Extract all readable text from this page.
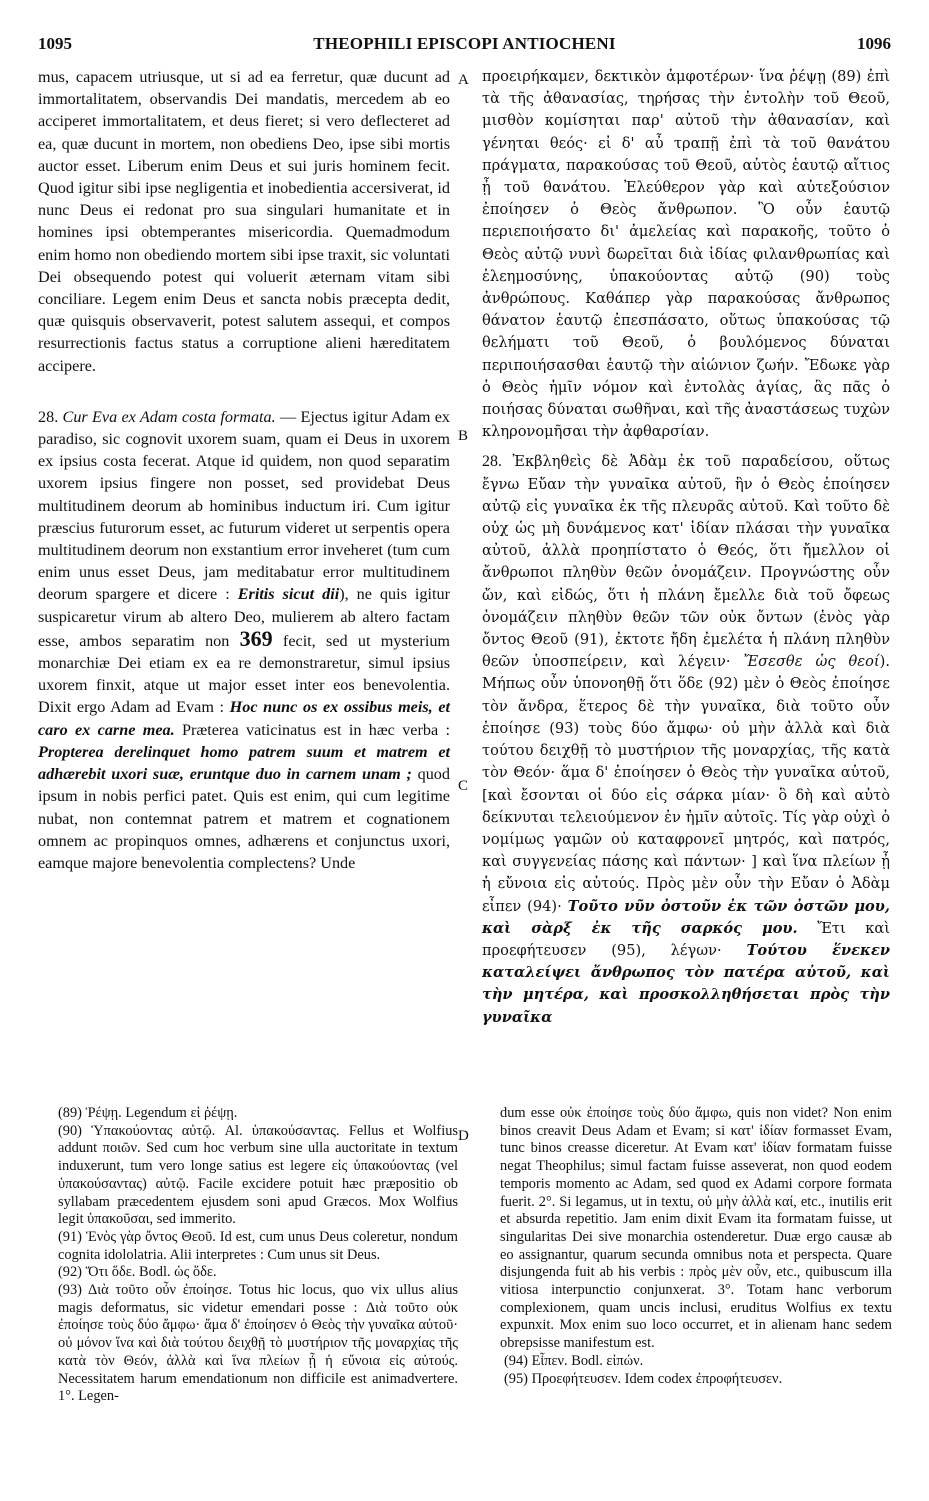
1095	THEOPHILI EPISCOPI ANTIOCHENI	1096
A
B
C
D

mus, capacem utriusque, ut si ad ea ferretur, quæ ducunt ad immortalitatem, observandis Dei mandatis, mercedem ab eo acciperet immortalitatem, et deus fieret; si vero deflecteret ad ea, quæ ducunt in mortem, non obediens Deo, ipse sibi mortis auctor esset. Liberum enim Deus et sui juris hominem fecit. Quod igitur sibi ipse negligentia et inobedientia accersiverat, id nunc Deus ei redonat pro sua singulari humanitate et in homines ipsi obtemperantes misericordia. Quemadmodum enim homo non obediendo mortem sibi ipse traxit, sic voluntati Dei obsequendo potest qui voluerit æternam vitam sibi conciliare. Legem enim Deus et sancta nobis præcepta dedit, quæ quisquis observaverit, potest salutem assequi, et compos resurrectionis factus status a corruptione alieni hæreditatem accipere.

28. Cur Eva ex Adam costa formata. — Ejectus igitur Adam ex paradiso, sic cognovit uxorem suam, quam ei Deus in uxorem ex ipsius costa fecerat. Atque id quidem, non quod separatim uxorem ipsius fingere non posset, sed providebat Deus multitudinem deorum ab hominibus inductum iri. Cum igitur præscius futurorum esset, ac futurum videret ut serpentis opera multitudinem deorum non exstantium error inveheret (tum cum enim unus esset Deus, jam meditabatur error multitudinem deorum spargere et dicere : Eritis sicut dii), ne quis igitur suspicaretur virum ab altero Deo, mulierem ab altero factam esse, ambos separatim non 369 fecit, sed ut mysterium monarchiæ Dei etiam ex ea re demonstraretur, simul ipsius uxorem finxit, atque ut major esset inter eos benevolentia. Dixit ergo Adam ad Evam : Hoc nunc os ex ossibus meis, et caro ex carne mea. Præterea vaticinatus est in hæc verba : Propterea derelinquet homo patrem suum et matrem et adhærebit uxori suæ, eruntque duo in carnem unam ; quod ipsum in nobis perfici patet. Quis est enim, qui cum legitime nubat, non contemnat patrem et matrem et cognationem omnem ac propinquos omnes, adhærens et conjunctus uxori, eamque majore benevolentia complectens? Unde

προειρήκαμεν, δεκτικὸν ἀμφοτέρων· ἵνα ῥέψῃ (89) ἐπὶ τὰ τῆς ἀθανασίας, τηρήσας τὴν ἐντολὴν τοῦ Θεοῦ, μισθὸν κομίσηται παρ' αὐτοῦ τὴν ἀθανασίαν, καὶ γένηται θεός· εἰ δ' αὖ τραπῇ ἐπὶ τὰ τοῦ θανάτου πράγματα, παρακούσας τοῦ Θεοῦ, αὐτὸς ἑαυτῷ αἴτιος ᾖ τοῦ θανάτου. Ἐλεύθερον γὰρ καὶ αὐτεξούσιον ἐποίησεν ὁ Θεὸς ἄνθρωπον. Ὃ οὖν ἑαυτῷ περιεποιήσατο δι' ἀμελείας καὶ παρακοῆς, τοῦτο ὁ Θεὸς αὐτῷ νυνὶ δωρεῖται διὰ ἰδίας φιλανθρωπίας καὶ ἐλεημοσύνης, ὑπακούοντας αὐτῷ (90) τοὺς ἀνθρώπους. Καθάπερ γὰρ παρακούσας ἄνθρωπος θάνατον ἑαυτῷ ἐπεσπάσατο, οὕτως ὑπακούσας τῷ θελήματι τοῦ Θεοῦ, ὁ βουλόμενος δύναται περιποιήσασθαι ἑαυτῷ τὴν αἰώνιον ζωήν. Ἔδωκε γὰρ ὁ Θεὸς ἡμῖν νόμον καὶ ἐντολὰς ἁγίας, ἃς πᾶς ὁ ποιήσας δύναται σωθῆναι, καὶ τῆς ἀναστάσεως τυχὼν κληρονομῆσαι τὴν ἀφθαρσίαν.

28. Ἐκβληθεὶς δὲ Ἀδὰμ ἐκ τοῦ παραδείσου, οὕτως ἔγνω Εὔαν τὴν γυναῖκα αὐτοῦ, ἣν ὁ Θεὸς ἐποίησεν αὐτῷ εἰς γυναῖκα ἐκ τῆς πλευρᾶς αὐτοῦ. Καὶ τοῦτο δὲ οὐχ ὡς μὴ δυνάμενος κατ' ἰδίαν πλάσαι τὴν γυναῖκα αὐτοῦ, ἀλλὰ προηπίστατο ὁ Θεός, ὅτι ἤμελλον οἱ ἄνθρωποι πληθὺν θεῶν ὀνομάζειν. Προγνώστης οὖν ὤν, καὶ εἰδώς, ὅτι ἡ πλάνη ἔμελλε διὰ τοῦ ὄφεως ὀνομάζειν πληθὺν θεῶν τῶν οὐκ ὄντων (ἑνὸς γὰρ ὄντος Θεοῦ (91), ἐκτοτε ἤδη ἐμελέτα ἡ πλάνη πληθὺν θεῶν ὑποσπείρειν, καὶ λέγειν· Ἔσεσθε ὡς θεοί). Μήπως οὖν ὑπονοηθῇ ὅτι ὅδε (92) μὲν ὁ Θεὸς ἐποίησε τὸν ἄνδρα, ἕτερος δὲ τὴν γυναῖκα, διὰ τοῦτο οὖν ἐποίησε (93) τοὺς δύο ἄμφω· οὐ μὴν ἀλλὰ καὶ διὰ τούτου δειχθῇ τὸ μυστήριον τῆς μοναρχίας, τῆς κατὰ τὸν Θεόν· ἅμα δ' ἐποίησεν ὁ Θεὸς τὴν γυναῖκα αὐτοῦ, [καὶ ἔσονται οἱ δύο εἰς σάρκα μίαν· ὃ δὴ καὶ αὐτὸ δείκνυται τελειούμενον ἐν ἡμῖν αὐτοῖς. Τίς γὰρ οὐχὶ ὁ νομίμως γαμῶν οὐ καταφρονεῖ μητρός, καὶ πατρός, καὶ συγγενείας πάσης καὶ πάντων· ] καὶ ἵνα πλείων ᾖ ἡ εὔνοια εἰς αὐτούς. Πρὸς μὲν οὖν τὴν Εὔαν ὁ Ἀδὰμ εἶπεν (94)· Τοῦτο νῦν ὀστοῦν ἐκ τῶν ὀστῶν μου, καὶ σὰρξ ἐκ τῆς σαρκός μου. Ἔτι καὶ προεφήτευσεν (95), λέγων· Τούτου ἕνεκεν καταλείψει ἄνθρωπος τὸν πατέρα αὐτοῦ, καὶ τὴν μητέρα, καὶ προσκολληθήσεται πρὸς τὴν γυναῖκα

(89) Ῥέψῃ. Legendum εἰ ῥέψῃ.

(90) Ὑπακούοντας αὐτῷ. Al. ὑπακούσαντας. Fellus et Wolfius addunt ποιῶν. Sed cum hoc verbum sine ulla auctoritate in textum induxerunt, tum vero longe satius est legere εἰς ὑπακούοντας (vel ὑπακούσαντας) αὐτῷ. Facile excidere potuit hæc præpositio ob syllabam præcedentem ejusdem soni apud Græcos. Mox Wolfius legit ὑπακοῦσαι, sed immerito.

(91) Ἑνὸς γὰρ ὄντος Θεοῦ. Id est, cum unus Deus coleretur, nondum cognita idololatria. Alii interpretes : Cum unus sit Deus.

(92) Ὅτι ὅδε. Bodl. ὡς ὅδε.

(93) Διὰ τοῦτο οὖν ἐποίησε. Totus hic locus, quo vix ullus alius magis deformatus, sic videtur emendari posse : Διὰ τοῦτο οὐκ ἐποίησε τοὺς δύο ἄμφω· ἅμα δ' ἐποίησεν ὁ Θεὸς τὴν γυναῖκα αὐτοῦ· οὐ μόνον ἵνα καὶ διὰ τούτου δειχθῇ τὸ μυστήριον τῆς μοναρχίας τῆς κατὰ τὸν Θεόν, ἀλλὰ καὶ ἵνα πλείων ᾖ ἡ εὔνοια εἰς αὐτούς. Necessitatem harum emendationum non difficile est animadvertere. 1°. Legen-

dum esse οὐκ ἐποίησε τοὺς δύο ἄμφω, quis non videt? Non enim binos creavit Deus Adam et Evam; si κατ' ἰδίαν formasset Evam, tunc binos creasse diceretur. At Evam κατ' ἰδίαν formatam fuisse negat Theophilus; simul factam fuisse asseverat, non quod eodem temporis momento ac Adam, sed quod ex Adami corpore formata fuerit. 2°. Si legamus, ut in textu, οὐ μὴν ἀλλὰ καί, etc., inutilis erit et absurda repetitio. Jam enim dixit Evam ita formatam fuisse, ut singularitas Dei sive monarchia ostenderetur. Duæ ergo causæ ab eo assignantur, quarum secunda omnibus nota et perspecta. Quare disjungenda fuit ab his verbis : πρὸς μὲν οὖν, etc., quibuscum illa vitiosa interpunctio conjunxerat. 3°. Totam hanc verborum complexionem, quam uncis inclusi, eruditus Wolfius ex textu expunxit. Mox enim suo loco occurret, et in alienam hanc sedem obrepsisse manifestum est.

(94) Εἶπεν. Bodl. εἰπών.

(95) Προεφήτευσεν. Idem codex ἐπροφήτευσεν.
